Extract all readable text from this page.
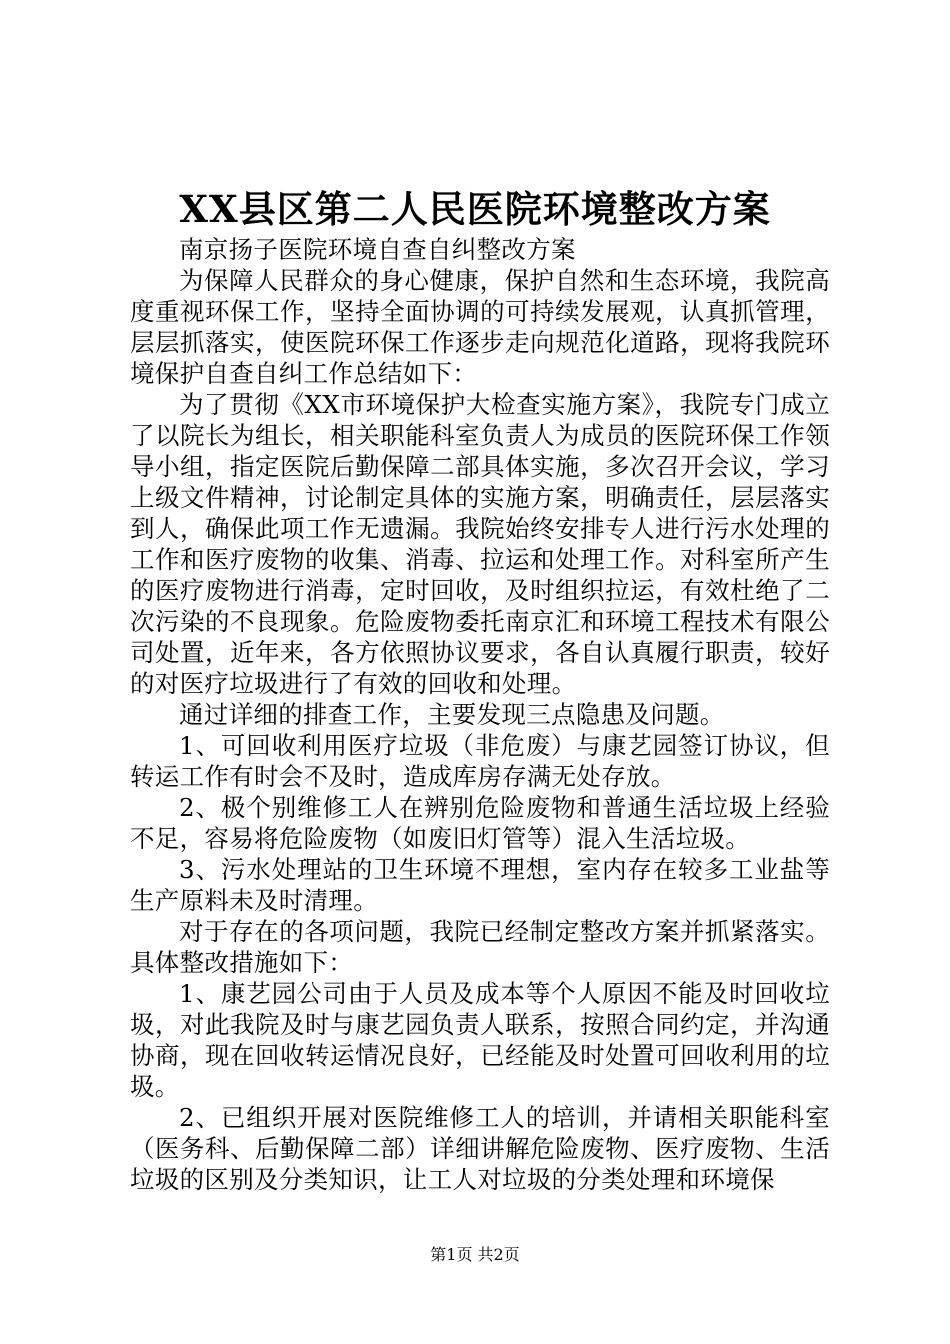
XX县区第二人民医院环境整改方案

南京扬子医院环境自查自纠整改方案

为保障人民群众的身心健康，保护自然和生态环境，我院高度重视环保工作，坚持全面协调的可持续发展观，认真抓管理，层层抓落实，使医院环保工作逐步走向规范化道路，现将我院环境保护自查自纠工作总结如下：

为了贯彻《XX市环境保护大检查实施方案》，我院专门成立了以院长为组长，相关职能科室负责人为成员的医院环保工作领导小组，指定医院后勤保障二部具体实施，多次召开会议，学习上级文件精神，讨论制定具体的实施方案，明确责任，层层落实到人，确保此项工作无遗漏。我院始终安排专人进行污水处理的工作和医疗废物的收集、消毒、拉运和处理工作。对科室所产生的医疗废物进行消毒，定时回收，及时组织拉运，有效杜绝了二次污染的不良现象。危险废物委托南京汇和环境工程技术有限公司处置，近年来，各方依照协议要求，各自认真履行职责，较好的对医疗垃圾进行了有效的回收和处理。

通过详细的排查工作，主要发现三点隐患及问题。

1、可回收利用医疗垃圾（非危废）与康艺园签订协议，但转运工作有时会不及时，造成库房存满无处存放。

2、极个别维修工人在辨别危险废物和普通生活垃圾上经验不足，容易将危险废物（如废旧灯管等）混入生活垃圾。

3、污水处理站的卫生环境不理想，室内存在较多工业盐等生产原料未及时清理。

对于存在的各项问题，我院已经制定整改方案并抓紧落实。具体整改措施如下：

1、康艺园公司由于人员及成本等个人原因不能及时回收垃圾，对此我院及时与康艺园负责人联系，按照合同约定，并沟通协商，现在回收转运情况良好，已经能及时处置可回收利用的垃圾。

2、已组织开展对医院维修工人的培训，并请相关职能科室（医务科、后勤保障二部）详细讲解危险废物、医疗废物、生活垃圾的区别及分类知识，让工人对垃圾的分类处理和环境保

第1页 共2页
